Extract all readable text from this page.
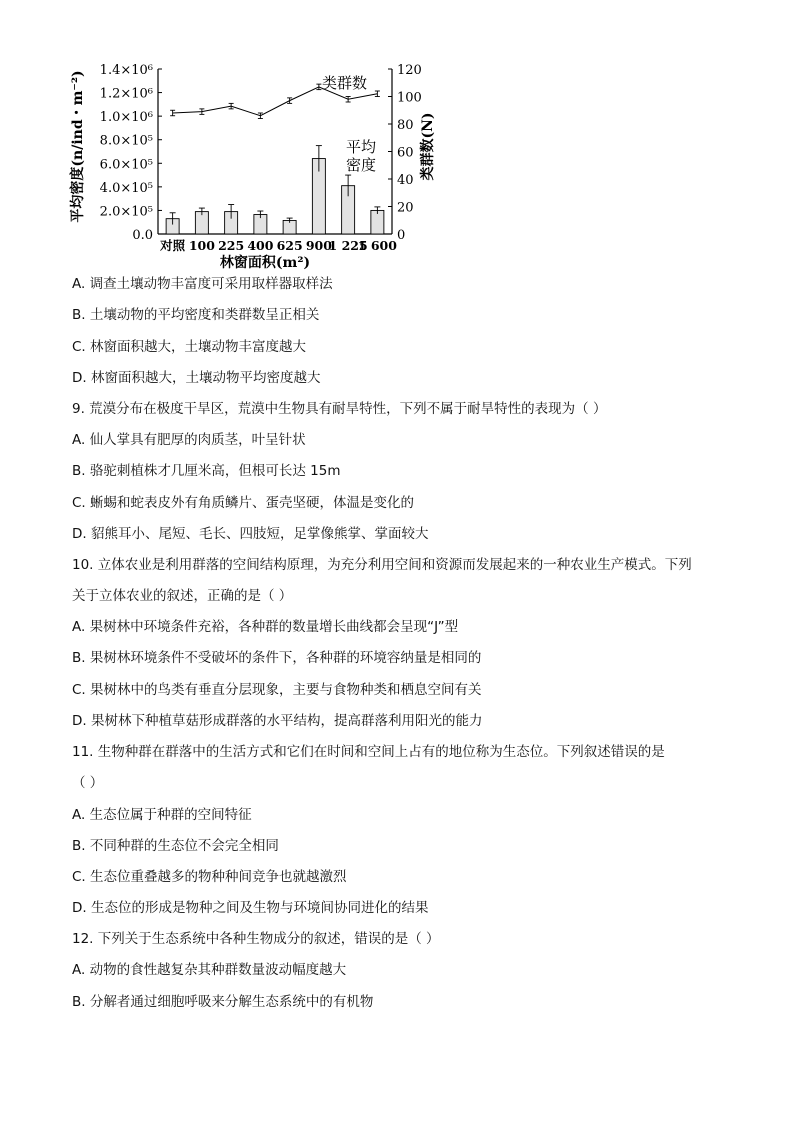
0.0
2.0×10⁵
4.0×10⁵
6.0×10⁵
8.0×10⁵
1.0×10⁶
1.2×10⁶
1.4×10⁶
0
20
40
60
80
100
120
对照 100 225 400 625 900
1 225
1 600
林窗面积(m²)
平均密度(n/ind・m⁻²)	类群数(N)
类群数
平均
密度
A. 调查土壤动物丰富度可采用取样器取样法
B. 土壤动物的平均密度和类群数呈正相关
C. 林窗面积越大，土壤动物丰富度越大
D. 林窗面积越大，土壤动物平均密度越大
9. 荒漠分布在极度干旱区，荒漠中生物具有耐旱特性，下列不属于耐旱特性的表现为（ ）
A. 仙人掌具有肥厚的肉质茎，叶呈针状
B. 骆驼刺植株才几厘米高，但根可长达 15m
C. 蜥蜴和蛇表皮外有角质鳞片、蛋壳坚硬，体温是变化的
D. 貂熊耳小、尾短、毛长、四肢短，足掌像熊掌、掌面较大
10. 立体农业是利用群落的空间结构原理，为充分利用空间和资源而发展起来的一种农业生产模式。下列
关于立体农业的叙述，正确的是（ ）
A. 果树林中环境条件充裕，各种群的数量增长曲线都会呈现“J”型
B. 果树林环境条件不受破坏的条件下，各种群的环境容纳量是相同的
C. 果树林中的鸟类有垂直分层现象，主要与食物种类和栖息空间有关
D. 果树林下种植草菇形成群落的水平结构，提高群落利用阳光的能力
11. 生物种群在群落中的生活方式和它们在时间和空间上占有的地位称为生态位。下列叙述错误的是
（ ）
A. 生态位属于种群的空间特征
B. 不同种群的生态位不会完全相同
C. 生态位重叠越多的物种种间竞争也就越激烈
D. 生态位的形成是物种之间及生物与环境间协同进化的结果
12. 下列关于生态系统中各种生物成分的叙述，错误的是（ ）
A. 动物的食性越复杂其种群数量波动幅度越大
B. 分解者通过细胞呼吸来分解生态系统中的有机物
